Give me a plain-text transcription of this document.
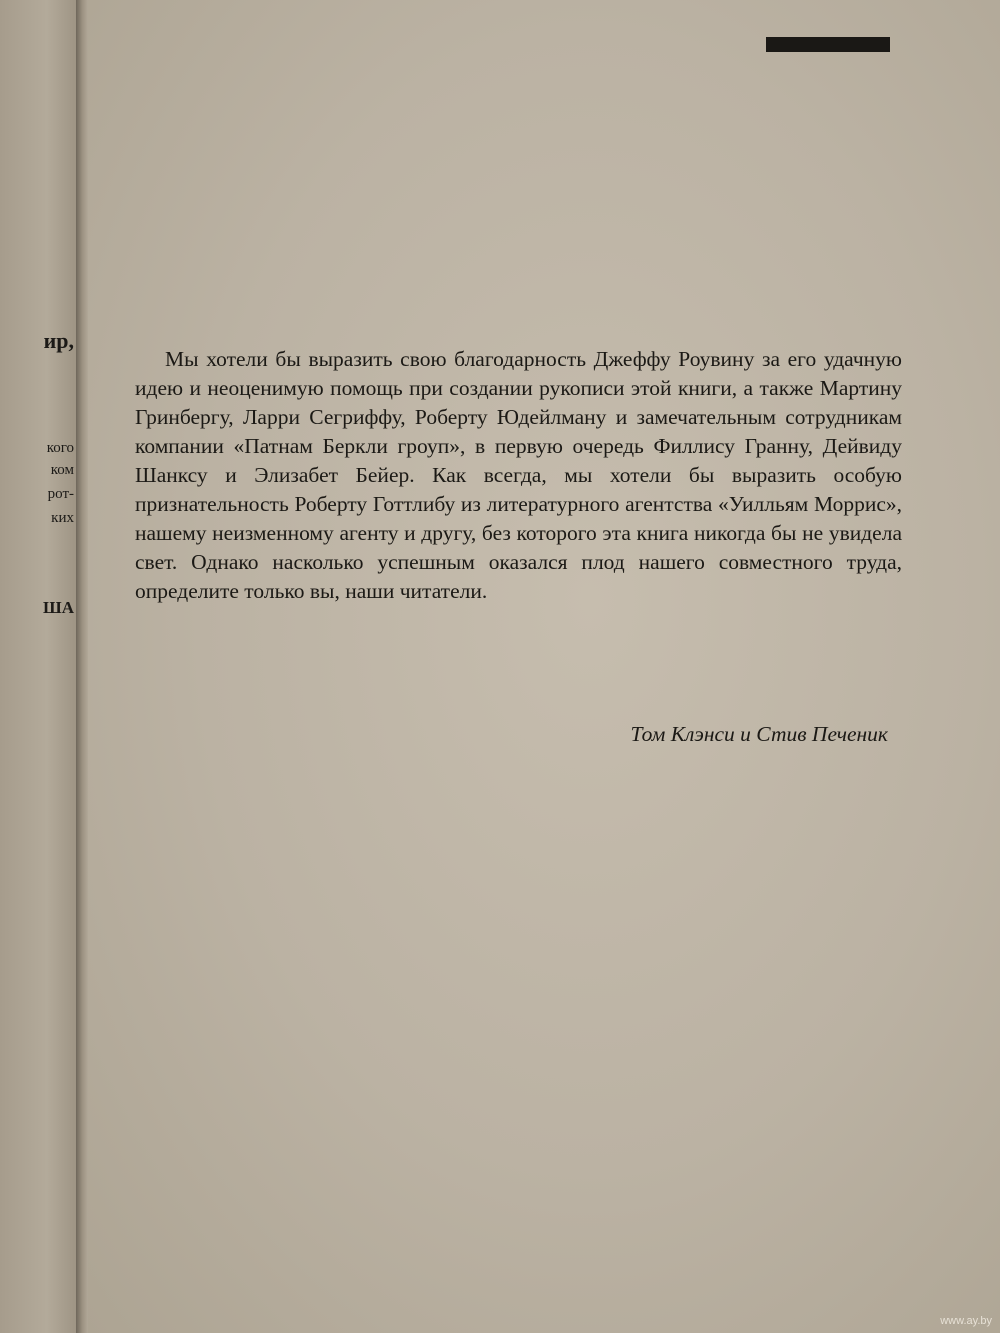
ир,
кого
ком
рот-
ких
ША

Мы хотели бы выразить свою благодарность Джеффу Роувину за его удачную идею и неоценимую помощь при создании рукописи этой книги, а также Мартину Гринбергу, Ларри Сегриффу, Роберту Юдейлману и замечательным сотрудникам компании «Патнам Беркли гроуп», в первую очередь Филлису Гранну, Дейвиду Шанксу и Элизабет Бейер. Как всегда, мы хотели бы выразить особую признательность Роберту Готтлибу из литературного агентства «Уилльям Моррис», нашему неизменному агенту и другу, без которого эта книга никогда бы не увидела свет. Однако насколько успешным оказался плод нашего совместного труда, определите только вы, наши читатели.

Том Клэнси и Стив Печеник
www.ay.by
